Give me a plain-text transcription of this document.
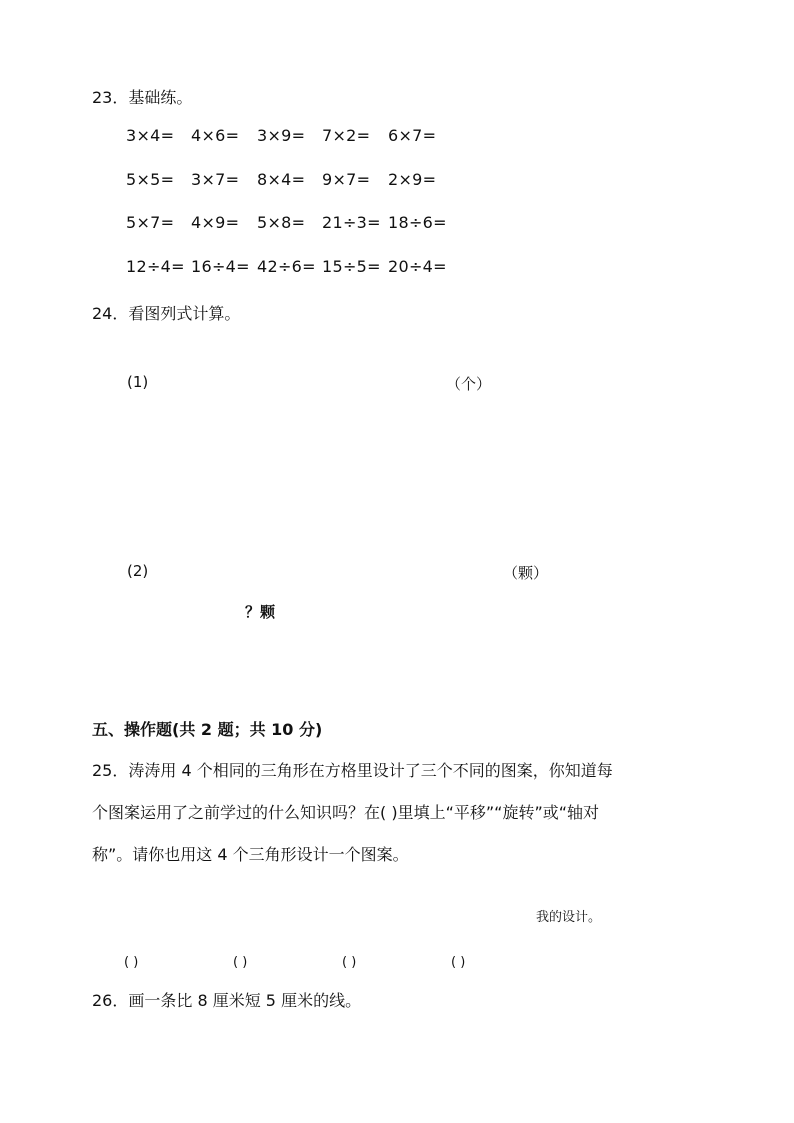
23．基础练。
3×4= 4×6= 3×9= 7×2= 6×7=
5×5= 3×7= 8×4= 9×7= 2×9=
5×7= 4×9= 5×8= 21÷3= 18÷6=
12÷4= 16÷4= 42÷6= 15÷5= 20÷4=
24．看图列式计算。
(1)	（个）
(2)	（颗）
？颗
五、操作题(共 2 题；共 10 分)
25．涛涛用 4 个相同的三角形在方格里设计了三个不同的图案，你知道每
个图案运用了之前学过的什么知识吗？在( )里填上“平移”“旋转”或“轴对
称”。请你也用这 4 个三角形设计一个图案。
我的设计。
( )	( )	( )	( )
26．画一条比 8 厘米短 5 厘米的线。
